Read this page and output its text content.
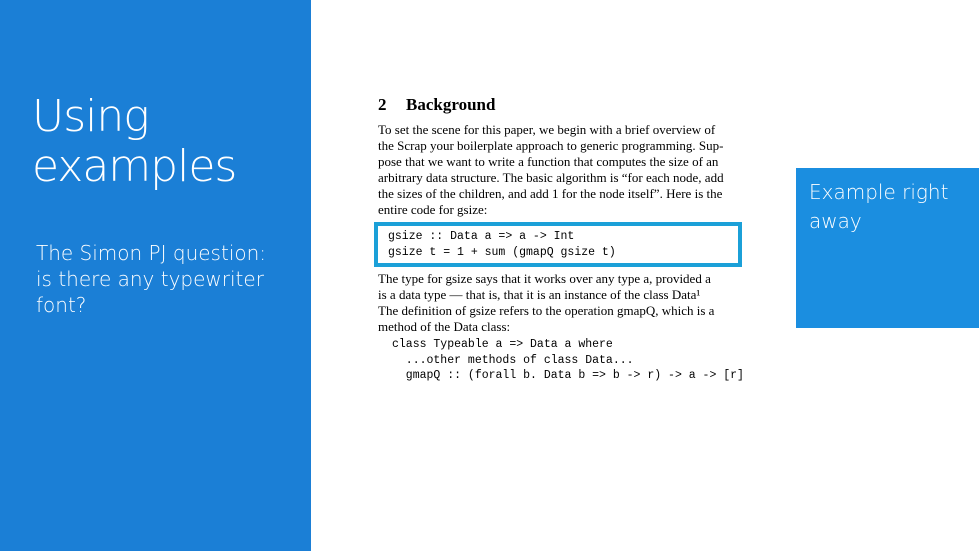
Using
examples
The Simon PJ question: is there any typewriter font?
2 Background

To set the scene for this paper, we begin with a brief overview of
the Scrap your boilerplate approach to generic programming. Sup-
pose that we want to write a function that computes the size of an
arbitrary data structure. The basic algorithm is “for each node, add
the sizes of the children, and add 1 for the node itself”. Here is the
entire code for gsize:

gsize :: Data a => a -> Int
gsize t = 1 + sum (gmapQ gsize t)

The type for gsize says that it works over any type a, provided a
is a data type — that is, that it is an instance of the class Data¹
The definition of gsize refers to the operation gmapQ, which is a
method of the Data class:

class Typeable a => Data a where
...other methods of class Data...
gmapQ :: (forall b. Data b => b -> r) -> a -> [r]
Example right away
